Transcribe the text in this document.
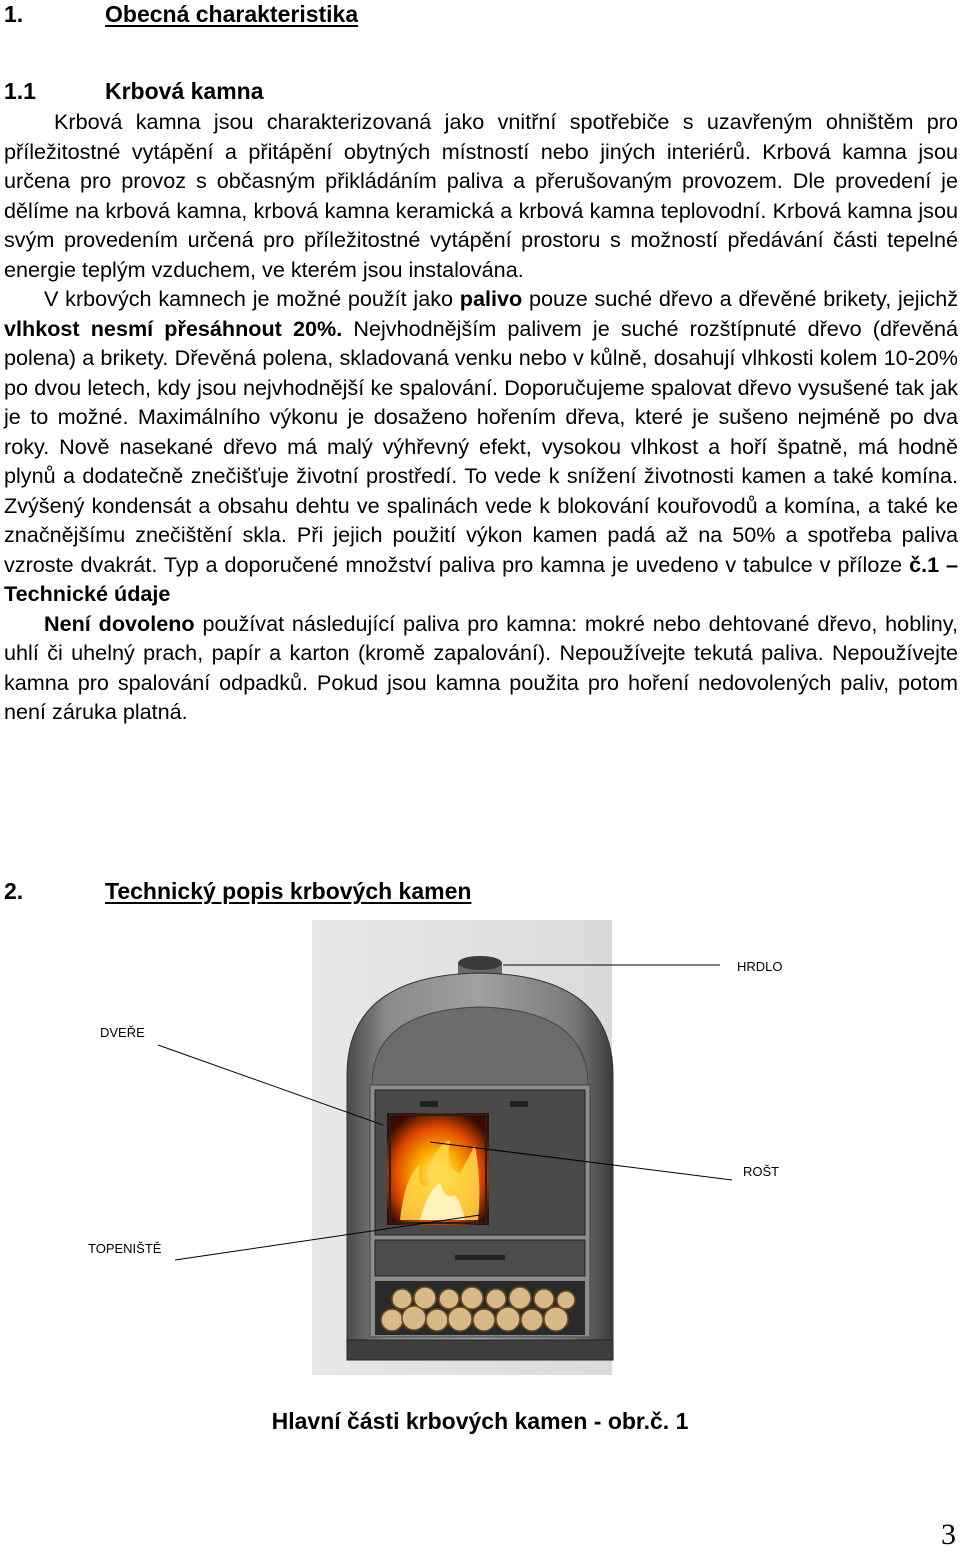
1.	Obecná charakteristika
1.1	Krbová kamna

Krbová kamna jsou charakterizovaná jako vnitřní spotřebiče s uzavřeným ohništěm pro příležitostné vytápění a přitápění obytných místností nebo jiných interiérů. Krbová kamna jsou určena pro provoz s občasným přikládáním paliva a přerušovaným provozem. Dle provedení je dělíme na krbová kamna, krbová kamna keramická a krbová kamna teplovodní. Krbová kamna jsou svým provedením určená pro příležitostné vytápění prostoru s možností předávání části tepelné energie teplým vzduchem, ve kterém jsou instalována.

V krbových kamnech je možné použít jako palivo pouze suché dřevo a dřevěné brikety, jejichž vlhkost nesmí přesáhnout 20%. Nejvhodnějším palivem je suché rozštípnuté dřevo (dřevěná polena) a brikety. Dřevěná polena, skladovaná venku nebo v kůlně, dosahují vlhkosti kolem 10-20% po dvou letech, kdy jsou nejvhodnější ke spalování. Doporučujeme spalovat dřevo vysušené tak jak je to možné. Maximálního výkonu je dosaženo hořením dřeva, které je sušeno nejméně po dva roky. Nově nasekané dřevo má malý výhřevný efekt, vysokou vlhkost a hoří špatně, má hodně plynů a dodatečně znečišťuje životní prostředí. To vede k snížení životnosti kamen a také komína. Zvýšený kondensát a obsahu dehtu ve spalinách vede k blokování kouřovodů a komína, a také ke značnějšímu znečištění skla. Při jejich použití výkon kamen padá až na 50% a spotřeba paliva vzroste dvakrát. Typ a doporučené množství paliva pro kamna je uvedeno v tabulce v příloze č.1 – Technické údaje

Není dovoleno používat následující paliva pro kamna: mokré nebo dehtované dřevo, hobliny, uhlí či uhelný prach, papír a karton (kromě zapalování). Nepoužívejte tekutá paliva. Nepoužívejte kamna pro spalování odpadků. Pokud jsou kamna použita pro hoření nedovolených paliv, potom není záruka platná.

2.	Technický popis krbových kamen
HRDLO
DVEŘE
ROŠT
TOPENIŠTĚ
Hlavní části krbových kamen - obr.č. 1
3
